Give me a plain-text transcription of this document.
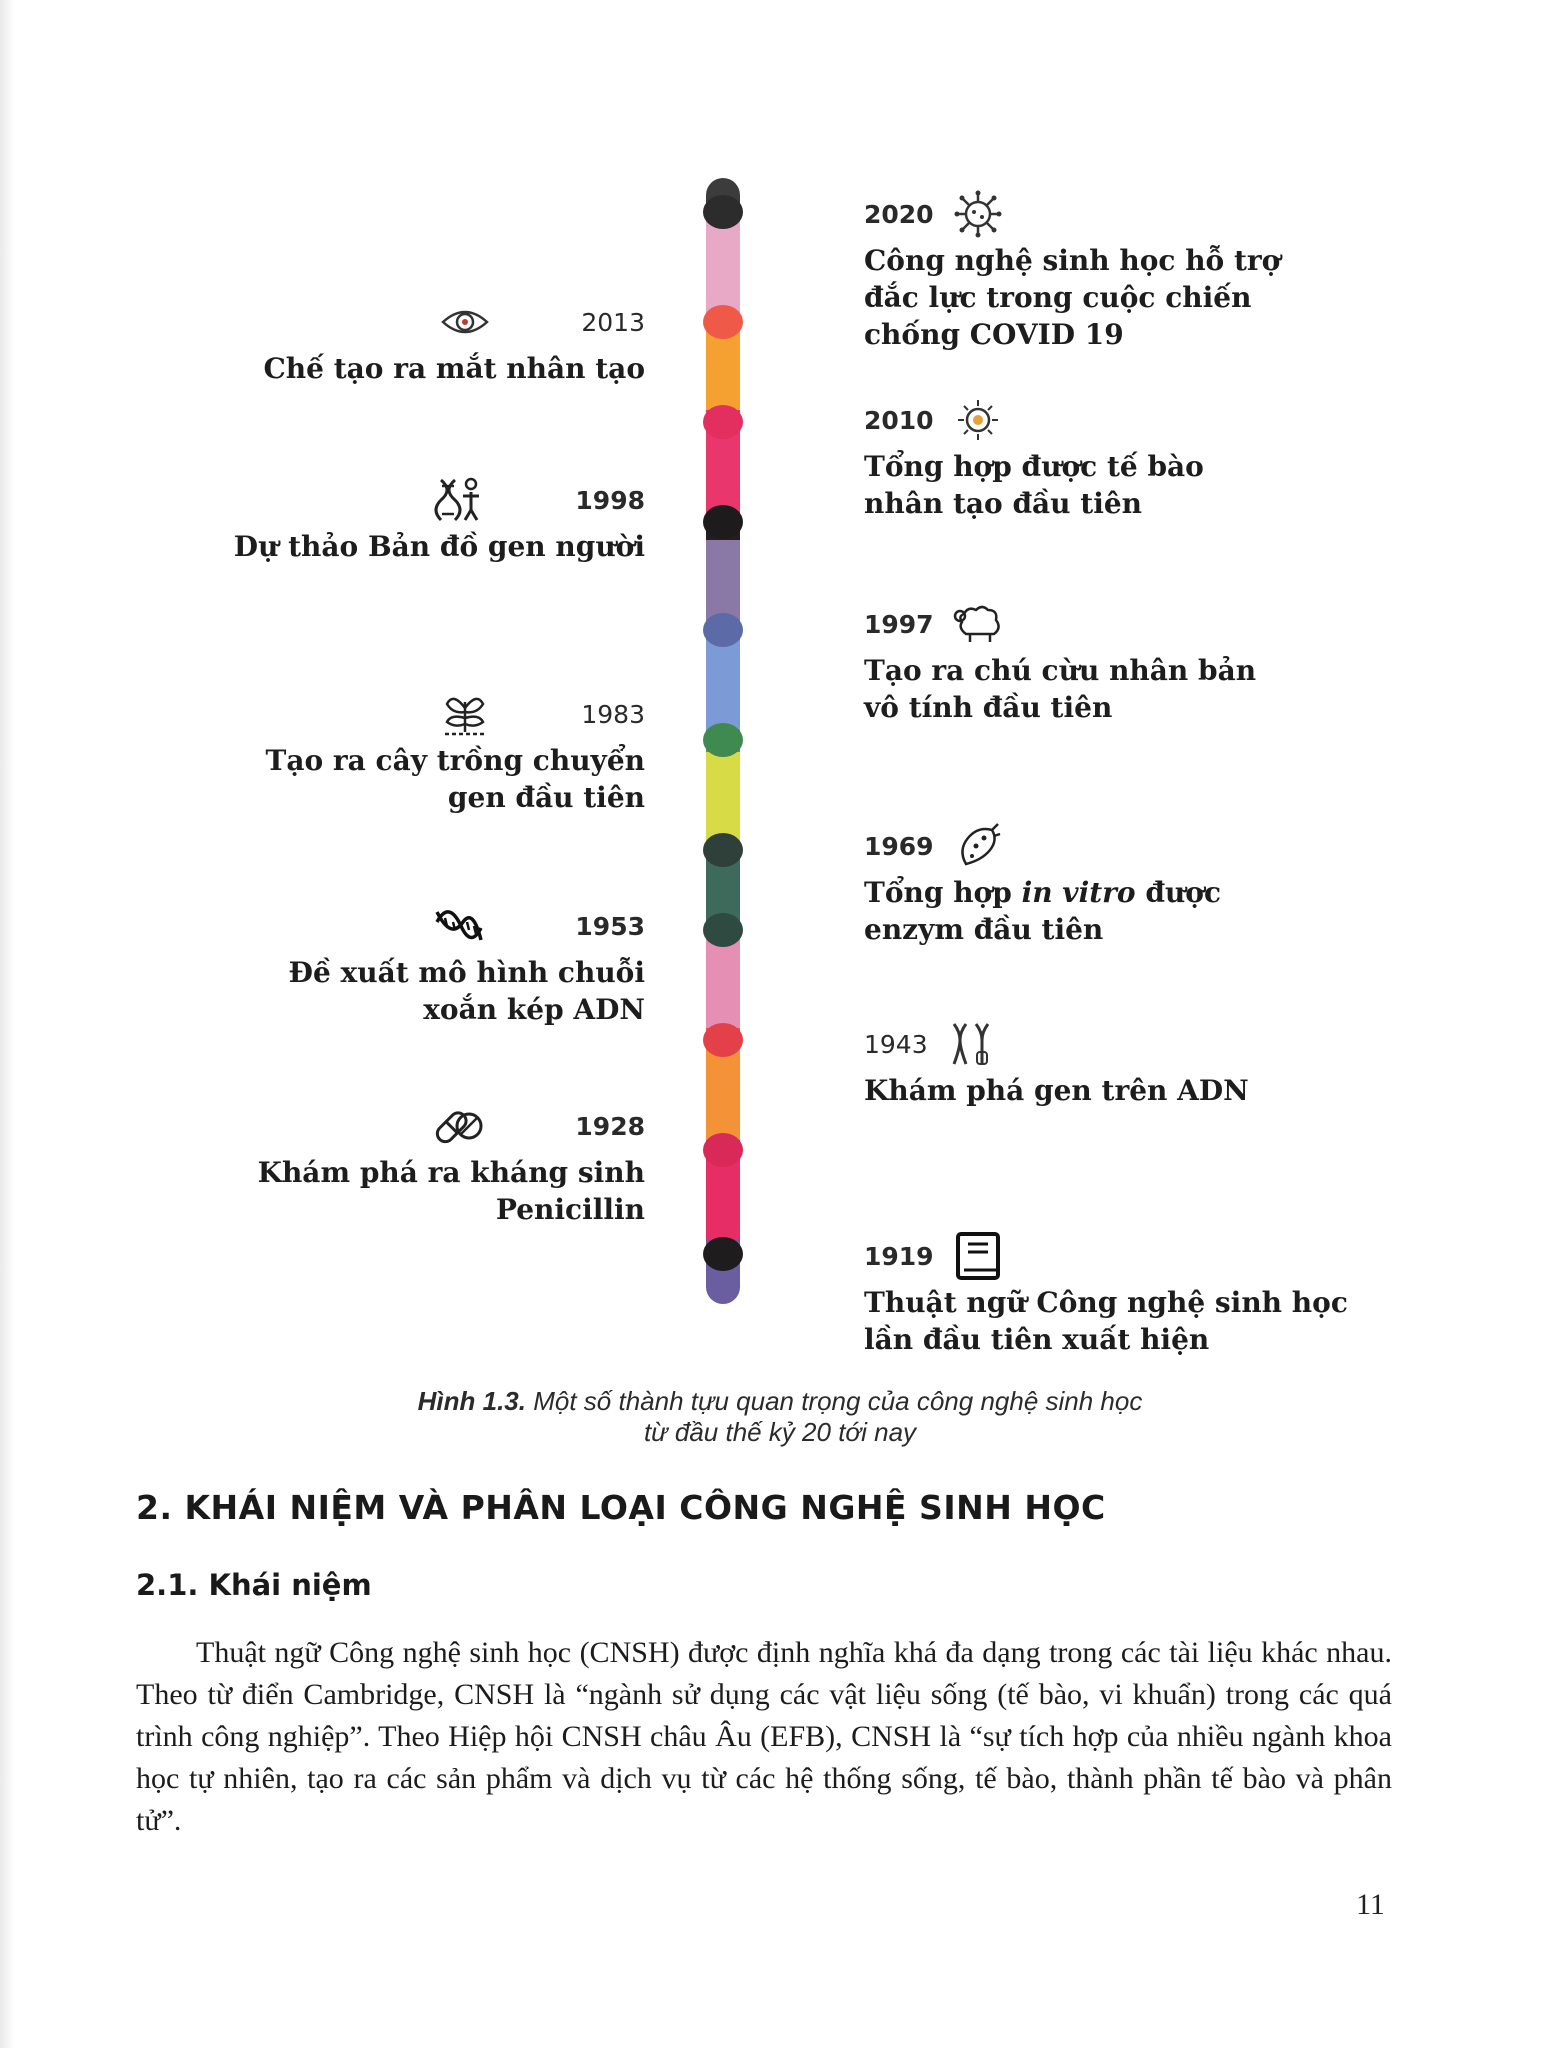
2013
Chế tạo ra mắt nhân tạo
1998
Dự thảo Bản đồ gen người
1983
Tạo ra cây trồng chuyển
gen đầu tiên
1953
Đề xuất mô hình chuỗi
xoắn kép ADN
1928
Khám phá ra kháng sinh
Penicillin
2020
Công nghệ sinh học hỗ trợ
đắc lực trong cuộc chiến
chống COVID 19
2010
Tổng hợp được tế bào
nhân tạo đầu tiên
1997
Tạo ra chú cừu nhân bản
vô tính đầu tiên
1969
Tổng hợp in vitro được
enzym đầu tiên
1943
Khám phá gen trên ADN
1919
Thuật ngữ Công nghệ sinh học
lần đầu tiên xuất hiện
Hình 1.3. Một số thành tựu quan trọng của công nghệ sinh học
từ đầu thế kỷ 20 tới nay
2. KHÁI NIỆM VÀ PHÂN LOẠI CÔNG NGHỆ SINH HỌC
2.1. Khái niệm
Thuật ngữ Công nghệ sinh học (CNSH) được định nghĩa khá đa dạng trong các tài liệu khác nhau. Theo từ điển Cambridge, CNSH là “ngành sử dụng các vật liệu sống (tế bào, vi khuẩn) trong các quá trình công nghiệp”. Theo Hiệp hội CNSH châu Âu (EFB), CNSH là “sự tích hợp của nhiều ngành khoa học tự nhiên, tạo ra các sản phẩm và dịch vụ từ các hệ thống sống, tế bào, thành phần tế bào và phân tử”.
11
